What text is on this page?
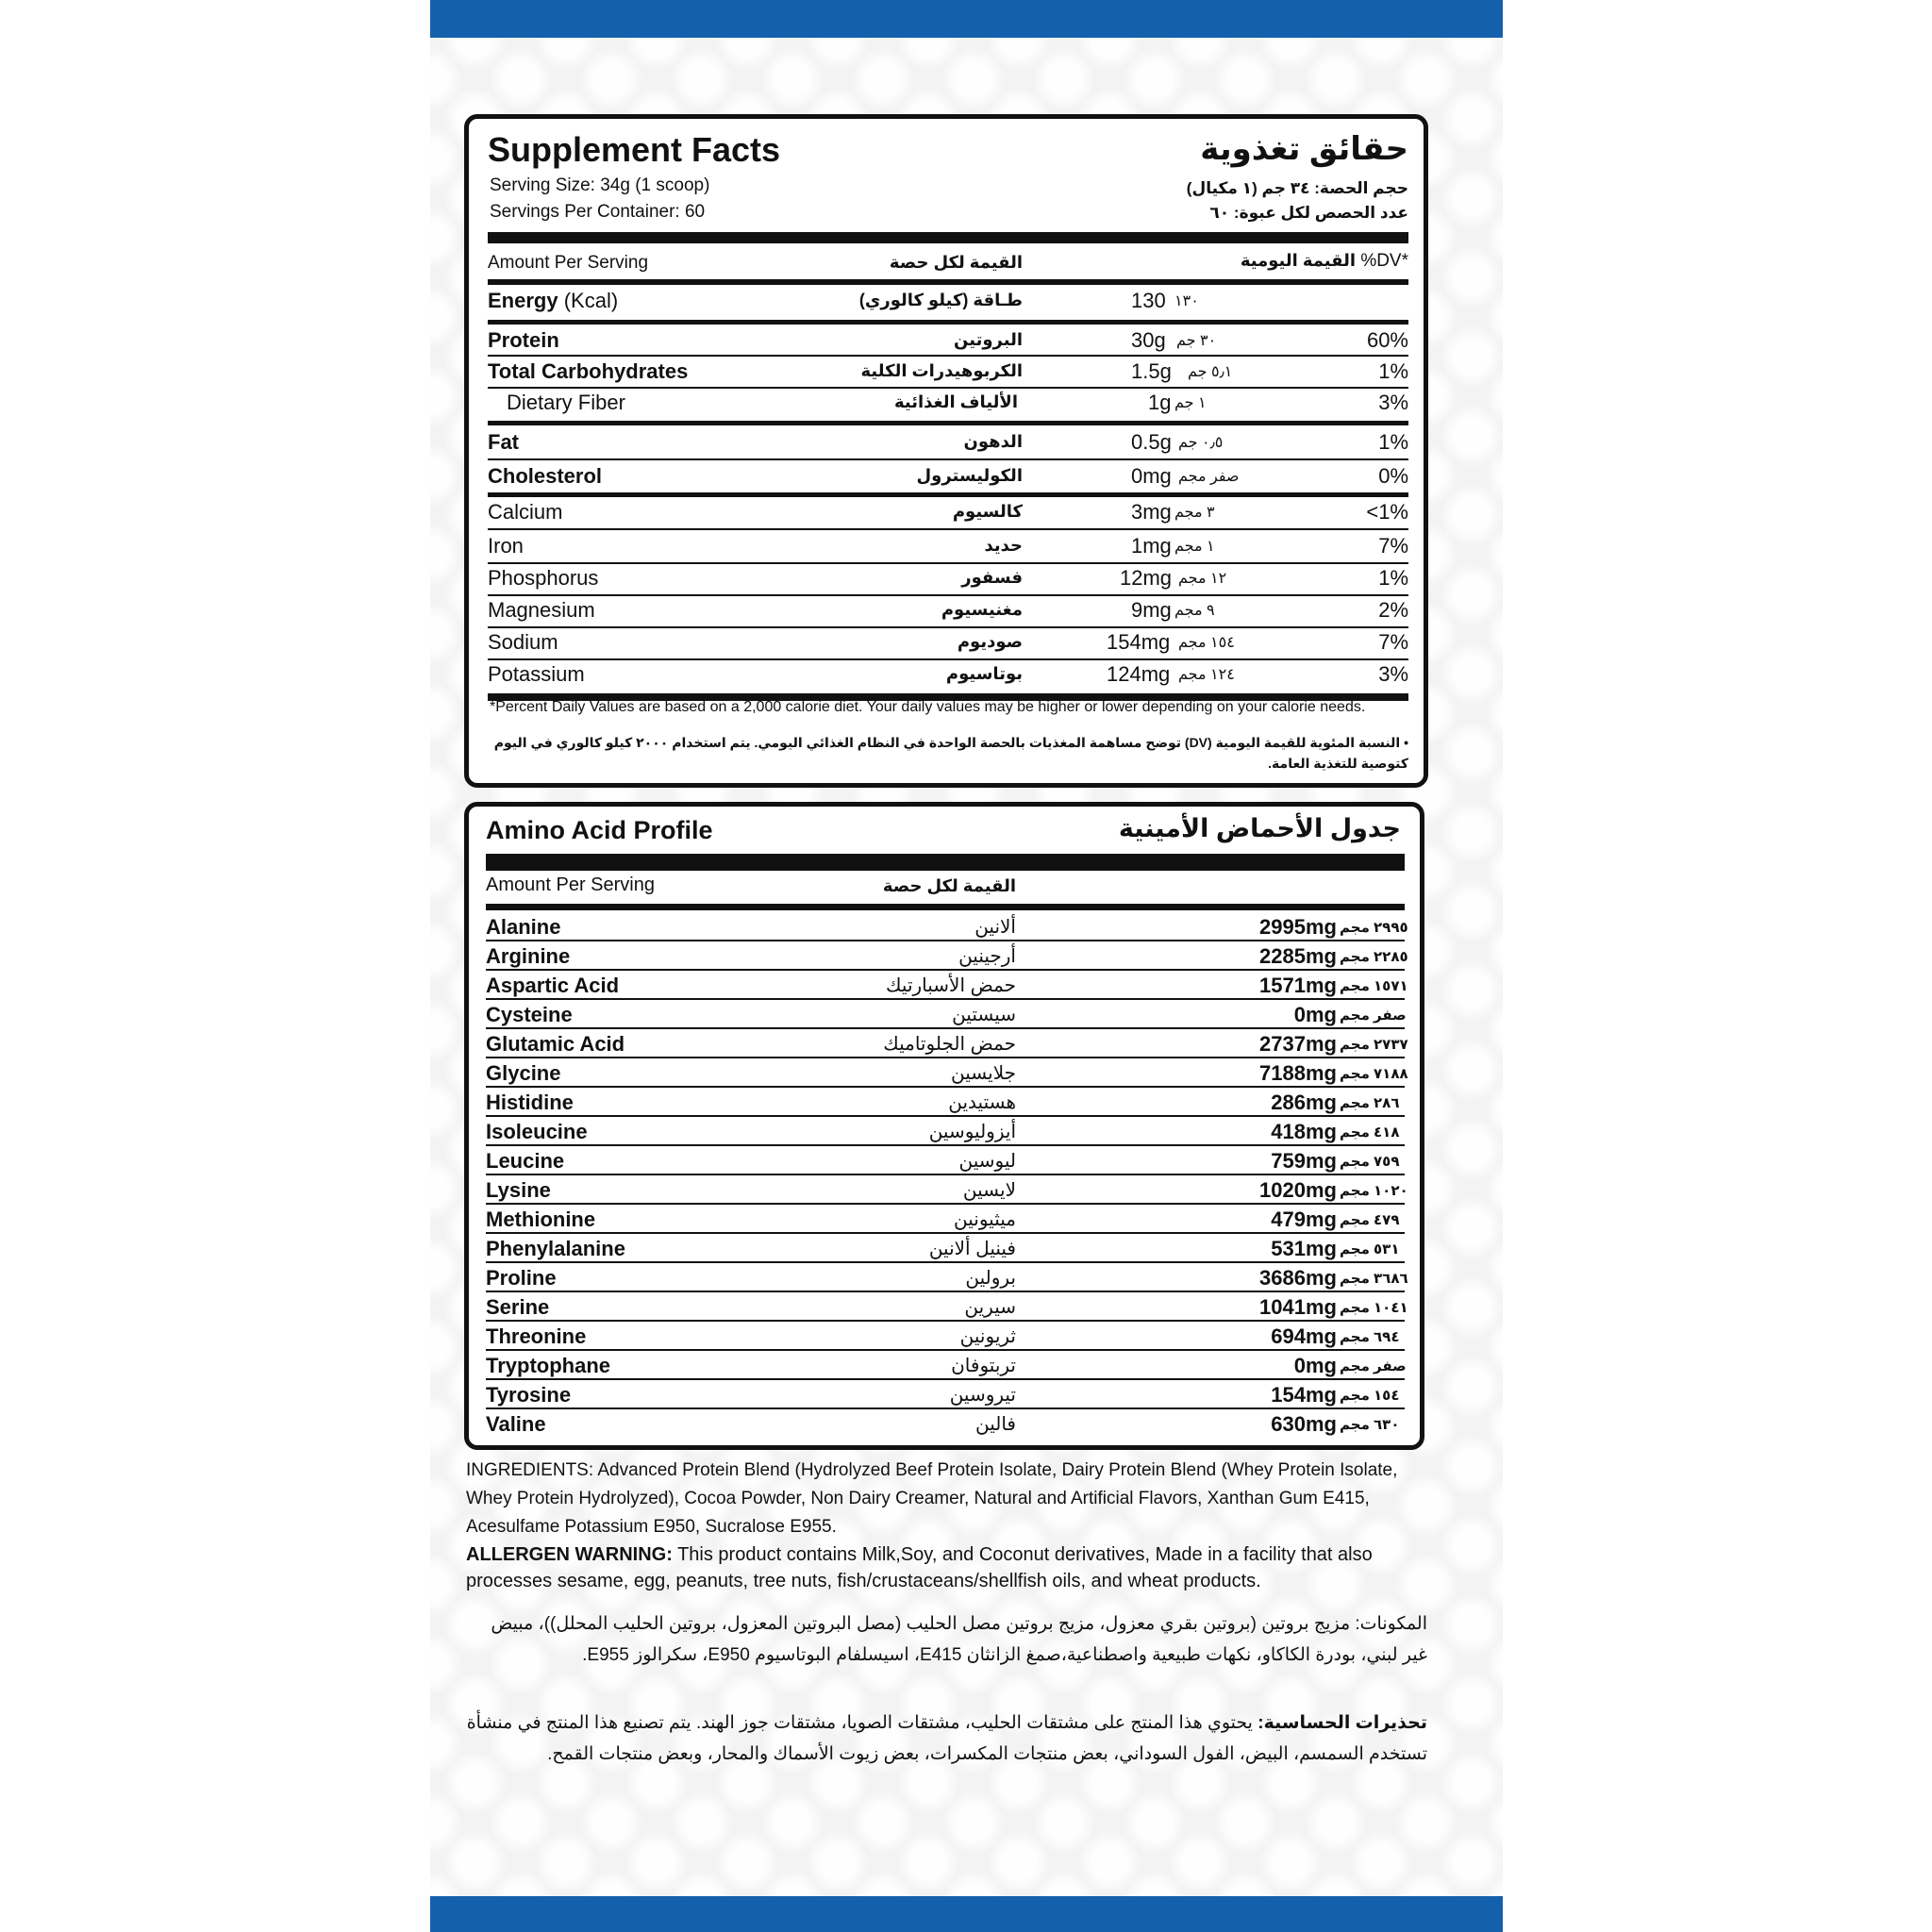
Supplement Facts	حقائق تغذوية
Serving Size: 34g (1 scoop)
Servings Per Container: 60
حجم الحصة: ٣٤ جم (١ مكيال)
عدد الحصص لكل عبوة: ٦٠
Amount Per Serving	القيمة لكل حصة	القيمة اليومية %DV*
Energy (Kcal)	طـاقة (كيلو كالوري)	130 ١٣٠
Protein	البروتين	30g ٣٠ جم	60%
Total Carbohydrates	الكربوهيدرات الكلية	1.5g ٥٫١ جم	1%
Dietary Fiber	الألياف الغذائية	1g ١ جم	3%
Fat	الدهون	0.5g ٠٫٥ جم	1%
Cholesterol	الكوليسترول	0mg صفر مجم	0%
Calcium	كالسيوم	3mg ٣ مجم	<1%
Iron	حديد	1mg ١ مجم	7%
Phosphorus	فسفور	12mg ١٢ مجم	1%
Magnesium	مغنيسيوم	9mg ٩ مجم	2%
Sodium	صوديوم	154mg ١٥٤ مجم	7%
Potassium	بوتاسيوم	124mg ١٢٤ مجم	3%
*Percent Daily Values are based on a 2,000 calorie diet. Your daily values may be higher or lower depending on your calorie needs.
• النسبة المئوية للقيمة اليومية (DV) توضح مساهمة المغذيات بالحصة الواحدة في النظام الغذائي اليومي. يتم استخدام ٢٠٠٠ كيلو كالوري في اليوم كتوصية للتغذية العامة.
Amino Acid Profile	جدول الأحماض الأمينية
Amount Per Serving	القيمة لكل حصة
Alanine	ألانين	2995mg ٢٩٩٥ مجم
Arginine	أرجينين	2285mg ٢٢٨٥ مجم
Aspartic Acid	حمض الأسبارتيك	1571mg ١٥٧١ مجم
Cysteine	سيستين	0mg صفر مجم
Glutamic Acid	حمض الجلوتاميك	2737mg ٢٧٣٧ مجم
Glycine	جلايسين	7188mg ٧١٨٨ مجم
Histidine	هستيدين	286mg ٢٨٦ مجم
Isoleucine	أيزوليوسين	418mg ٤١٨ مجم
Leucine	ليوسين	759mg ٧٥٩ مجم
Lysine	لايسين	1020mg ١٠٢٠ مجم
Methionine	ميثيونين	479mg ٤٧٩ مجم
Phenylalanine	فينيل ألانين	531mg ٥٣١ مجم
Proline	برولين	3686mg ٣٦٨٦ مجم
Serine	سيرين	1041mg ١٠٤١ مجم
Threonine	ثريونين	694mg ٦٩٤ مجم
Tryptophane	تربتوفان	0mg صفر مجم
Tyrosine	تيروسين	154mg ١٥٤ مجم
Valine	فالين	630mg ٦٣٠ مجم
INGREDIENTS: Advanced Protein Blend (Hydrolyzed Beef Protein Isolate, Dairy Protein Blend (Whey Protein Isolate, Whey Protein Hydrolyzed), Cocoa Powder, Non Dairy Creamer, Natural and Artificial Flavors, Xanthan Gum E415, Acesulfame Potassium E950, Sucralose E955.
ALLERGEN WARNING: This product contains Milk,Soy, and Coconut derivatives, Made in a facility that also processes sesame, egg, peanuts, tree nuts, fish/crustaceans/shellfish oils, and wheat products.
المكونات: مزيج بروتين (بروتين بقري معزول، مزيج بروتين مصل الحليب (مصل البروتين المعزول، بروتين الحليب المحلل))، مبيض غير لبني، بودرة الكاكاو، نكهات طبيعية واصطناعية،صمغ الزانثان E415، اسيسلفام البوتاسيوم E950، سكرالوز E955.
تحذيرات الحساسية: يحتوي هذا المنتج على مشتقات الحليب، مشتقات الصويا، مشتقات جوز الهند. يتم تصنيع هذا المنتج في منشأة تستخدم السمسم، البيض، الفول السوداني، بعض منتجات المكسرات، بعض زيوت الأسماك والمحار، وبعض منتجات القمح.
